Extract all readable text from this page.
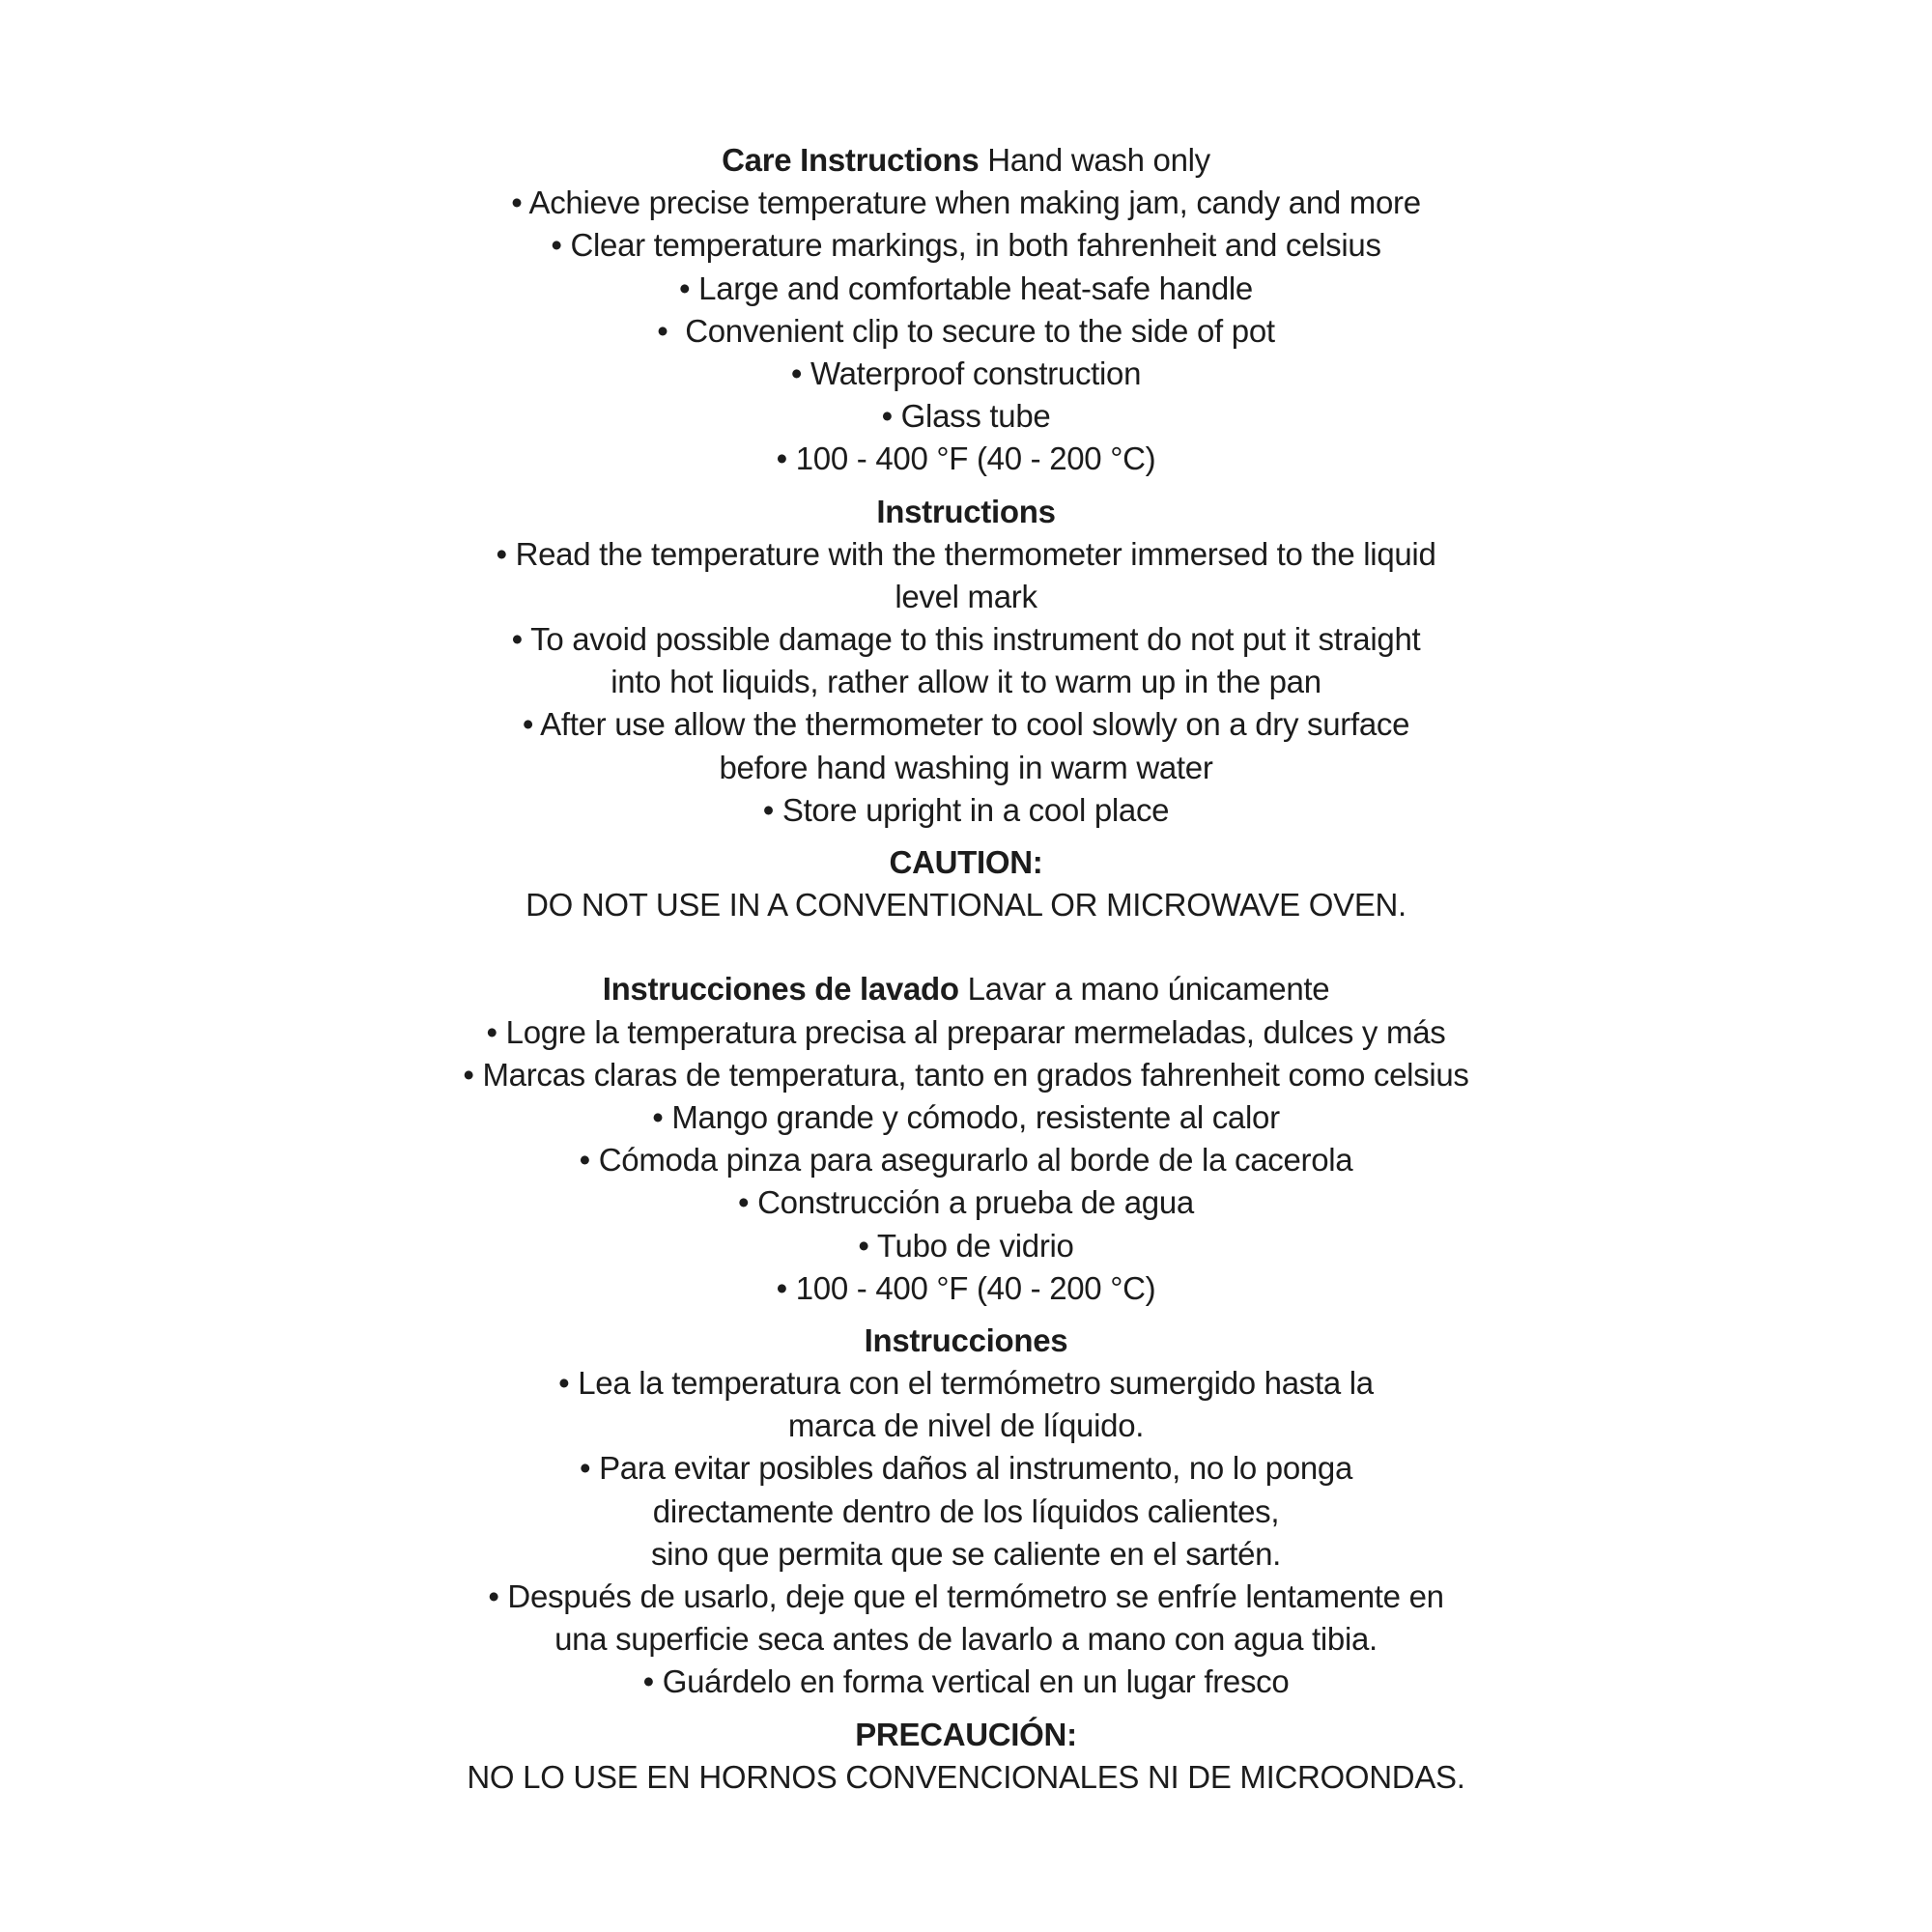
Care Instructions Hand wash only
• Achieve precise temperature when making jam, candy and more
• Clear temperature markings, in both fahrenheit and celsius
• Large and comfortable heat-safe handle
•  Convenient clip to secure to the side of pot
• Waterproof construction
• Glass tube
• 100 - 400 °F (40 - 200 °C)
Instructions
• Read the temperature with the thermometer immersed to the liquid
level mark
• To avoid possible damage to this instrument do not put it straight
into hot liquids, rather allow it to warm up in the pan
• After use allow the thermometer to cool slowly on a dry surface
before hand washing in warm water
• Store upright in a cool place
CAUTION:
DO NOT USE IN A CONVENTIONAL OR MICROWAVE OVEN.
Instrucciones de lavado Lavar a mano únicamente
• Logre la temperatura precisa al preparar mermeladas, dulces y más
• Marcas claras de temperatura, tanto en grados fahrenheit como celsius
• Mango grande y cómodo, resistente al calor
• Cómoda pinza para asegurarlo al borde de la cacerola
• Construcción a prueba de agua
• Tubo de vidrio
• 100 - 400 °F (40 - 200 °C)
Instrucciones
• Lea la temperatura con el termómetro sumergido hasta la
marca de nivel de líquido.
• Para evitar posibles daños al instrumento, no lo ponga
directamente dentro de los líquidos calientes,
sino que permita que se caliente en el sartén.
• Después de usarlo, deje que el termómetro se enfríe lentamente en
una superficie seca antes de lavarlo a mano con agua tibia.
• Guárdelo en forma vertical en un lugar fresco
PRECAUCIÓN:
NO LO USE EN HORNOS CONVENCIONALES NI DE MICROONDAS.
